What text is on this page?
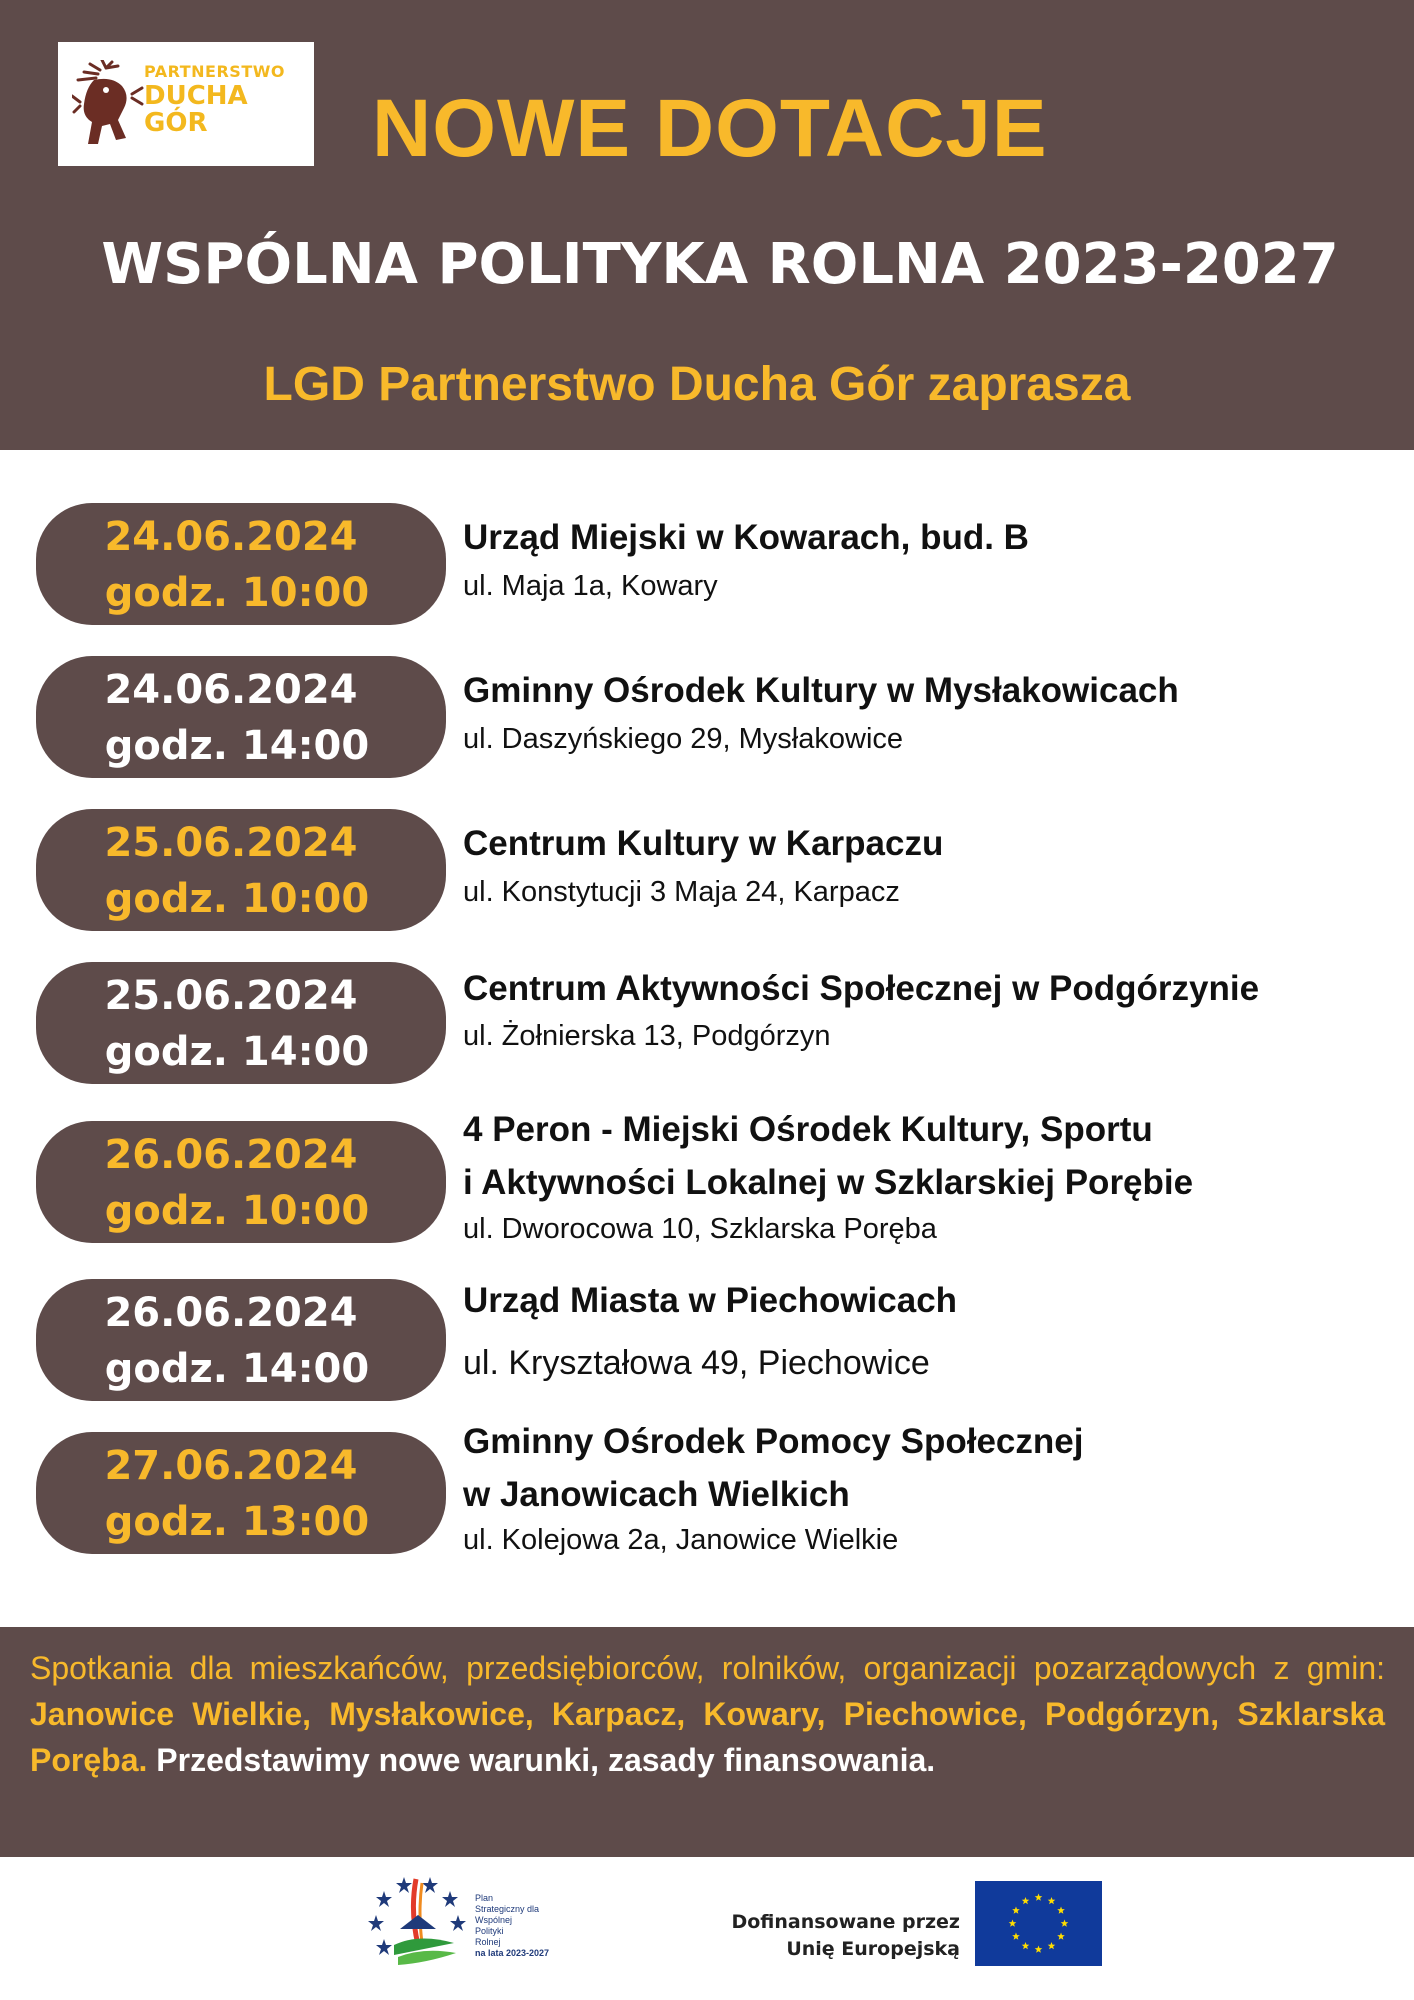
PARTNERSTWO
DUCHA
GÓR	NOWE DOTACJE
WSPÓLNA POLITYKA ROLNA 2023-2027
LGD Partnerstwo Ducha Gór zaprasza
24.06.2024
godz. 10:00
Urząd Miejski w Kowarach, bud. B
ul. Maja 1a, Kowary
24.06.2024
godz. 14:00
Gminny Ośrodek Kultury w Mysłakowicach
ul. Daszyńskiego 29, Mysłakowice
25.06.2024
godz. 10:00
Centrum Kultury w Karpaczu
ul. Konstytucji 3 Maja 24, Karpacz
25.06.2024
godz. 14:00
Centrum Aktywności Społecznej w Podgórzynie
ul. Żołnierska 13, Podgórzyn
26.06.2024
godz. 10:00
4 Peron - Miejski Ośrodek Kultury, Sportu
i Aktywności Lokalnej w Szklarskiej Porębie
ul. Dworocowa 10, Szklarska Poręba
26.06.2024
godz. 14:00
Urząd Miasta w Piechowicach
ul. Kryształowa 49, Piechowice
27.06.2024
godz. 13:00
Gminny Ośrodek Pomocy Społecznej
w Janowicach Wielkich
ul. Kolejowa 2a, Janowice Wielkie
Spotkania dla mieszkańców, przedsiębiorców, rolników, organizacji pozarządowych z gmin: Janowice Wielkie, Mysłakowice, Karpacz, Kowary, Piechowice, Podgórzyn, Szklarska Poręba. Przedstawimy nowe warunki, zasady finansowania.
Plan
Strategiczny dla
Wspólnej
Polityki
Rolnej
na lata 2023-2027
Dofinansowane przez
Unię Europejską
